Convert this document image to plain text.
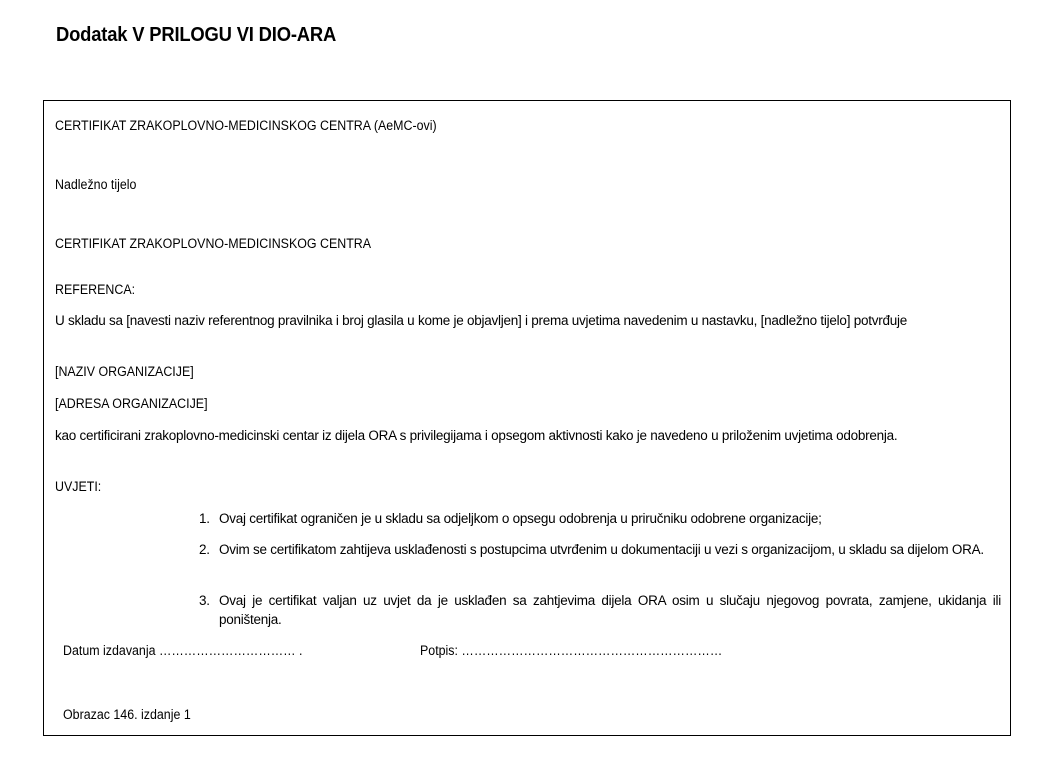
Dodatak V PRILOGU VI DIO-ARA
CERTIFIKAT ZRAKOPLOVNO-MEDICINSKOG CENTRA (AeMC-ovi)
Nadležno tijelo
CERTIFIKAT ZRAKOPLOVNO-MEDICINSKOG CENTRA
REFERENCA:
U skladu sa [navesti naziv referentnog pravilnika i broj glasila u kome je objavljen] i prema uvjetima navedenim u nastavku, [nadležno tijelo] potvrđuje
[NAZIV ORGANIZACIJE]
[ADRESA ORGANIZACIJE]
kao certificirani zrakoplovno-medicinski centar iz dijela ORA s privilegijama i opsegom aktivnosti kako je navedeno u priloženim uvjetima odobrenja.
UVJETI:
1. Ovaj certifikat ograničen je u skladu sa odjeljkom o opsegu odobrenja u priručniku odobrene organizacije;
2. Ovim se certifikatom zahtijeva usklađenosti s postupcima utvrđenim u dokumentaciji u vezi s organizacijom, u skladu sa dijelom ORA.
3. Ovaj je certifikat valjan uz uvjet da je usklađen sa zahtjevima dijela ORA osim u slučaju njegovog povrata, zamjene, ukidanja ili poništenja.
Datum izdavanja …………………………… .	Potpis: ………………………………………………………
Obrazac 146. izdanje 1
